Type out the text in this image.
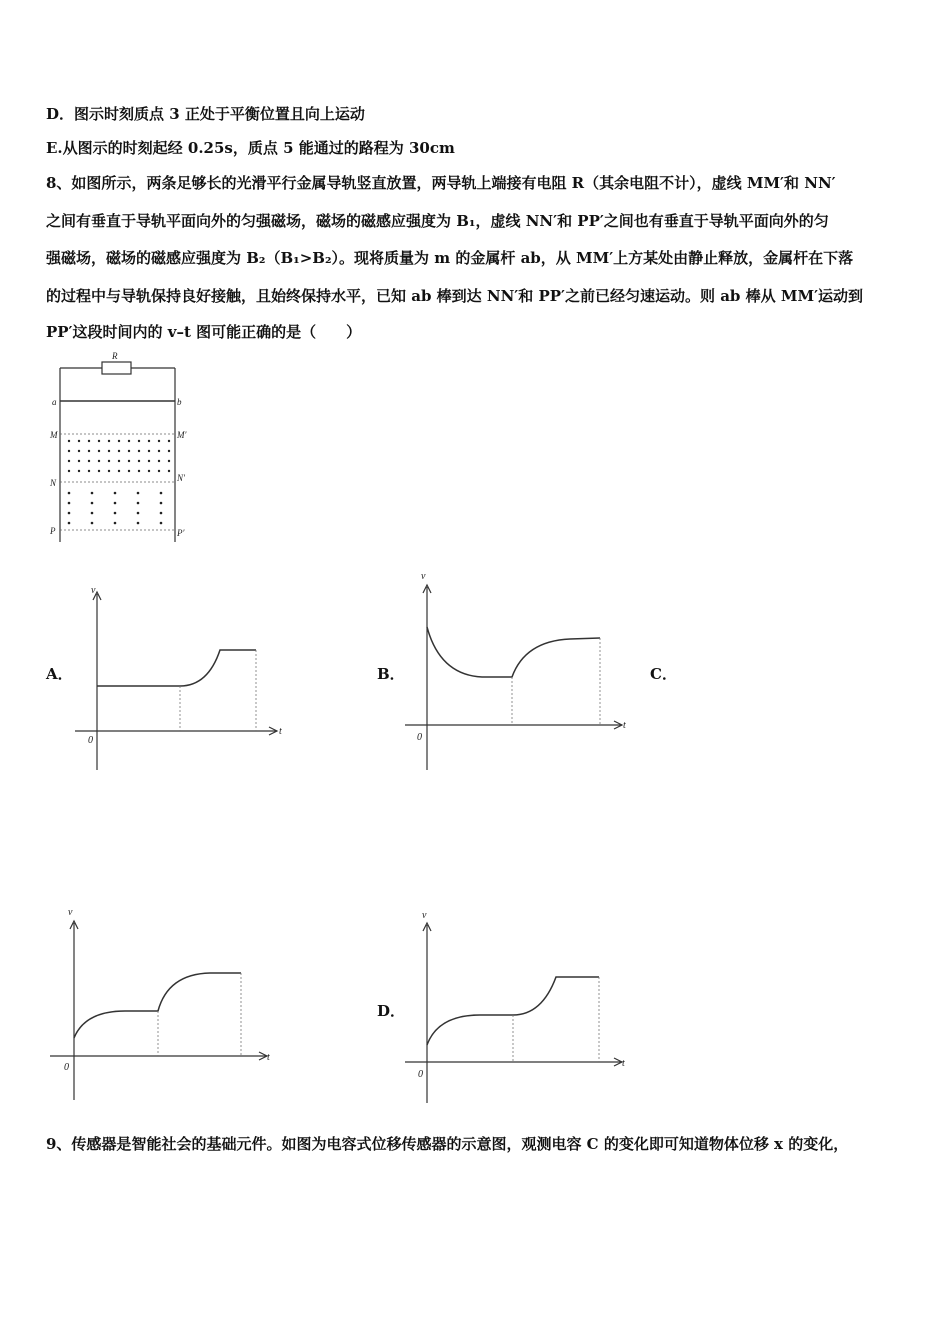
D．图示时刻质点 3 正处于平衡位置且向上运动
E.从图示的时刻起经 0.25s，质点 5 能通过的路程为 30cm
8、如图所示，两条足够长的光滑平行金属导轨竖直放置，两导轨上端接有电阻 R（其余电阻不计），虚线 MM′和 NN′
之间有垂直于导轨平面向外的匀强磁场，磁场的磁感应强度为 B₁，虚线 NN′和 PP′之间也有垂直于导轨平面向外的匀
强磁场，磁场的磁感应强度为 B₂（B₁>B₂）。现将质量为 m 的金属杆 ab，从 MM′上方某处由静止释放，金属杆在下落
的过程中与导轨保持良好接触，且始终保持水平，已知 ab 棒到达 NN′和 PP′之前已经匀速运动。则 ab 棒从 MM′运动到
PP′这段时间内的 v–t 图可能正确的是（　　）
9、传感器是智能社会的基础元件。如图为电容式位移传感器的示意图，观测电容 C 的变化即可知道物体位移 x 的变化，
R
a	b
M	M′
N	N′
P	P′
A．	B．	C．
D．
v
t
0
v
t
0
v
t
0
v
t
0
